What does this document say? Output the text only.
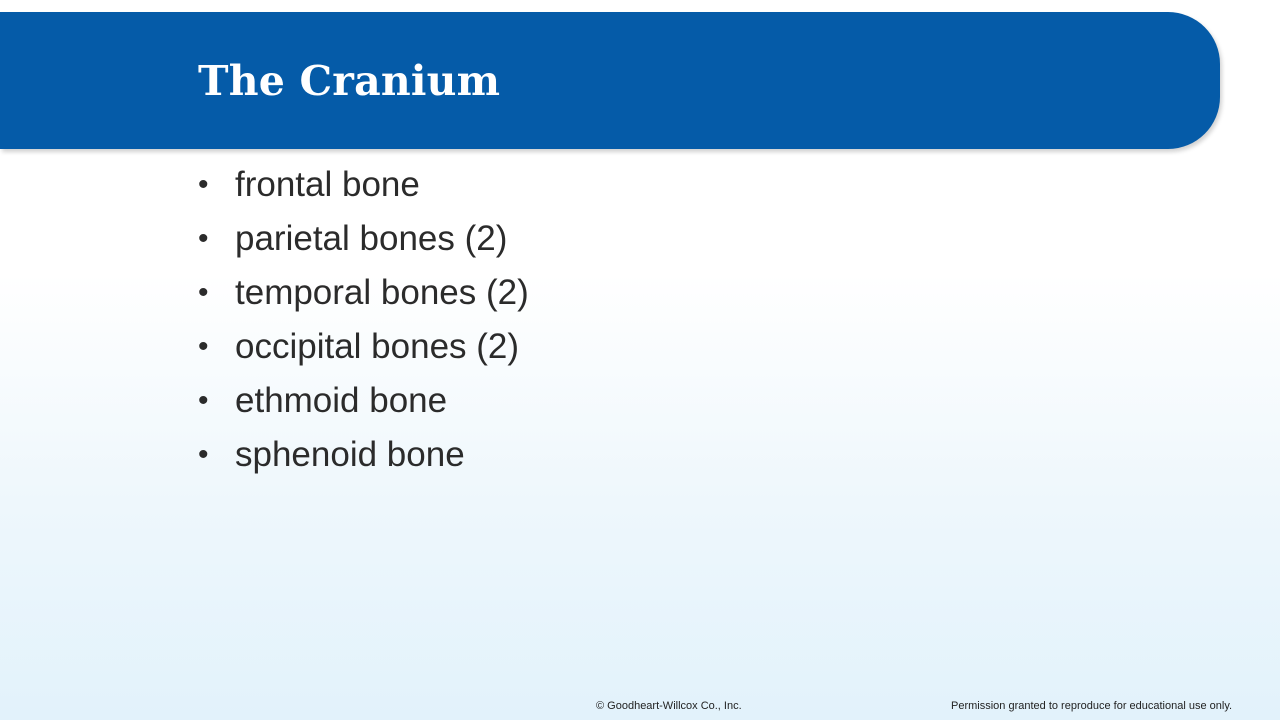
The Cranium
• frontal bone
• parietal bones (2)
• temporal bones (2)
• occipital bones (2)
• ethmoid bone
• sphenoid bone
© Goodheart-Willcox Co., Inc.	Permission granted to reproduce for educational use only.
